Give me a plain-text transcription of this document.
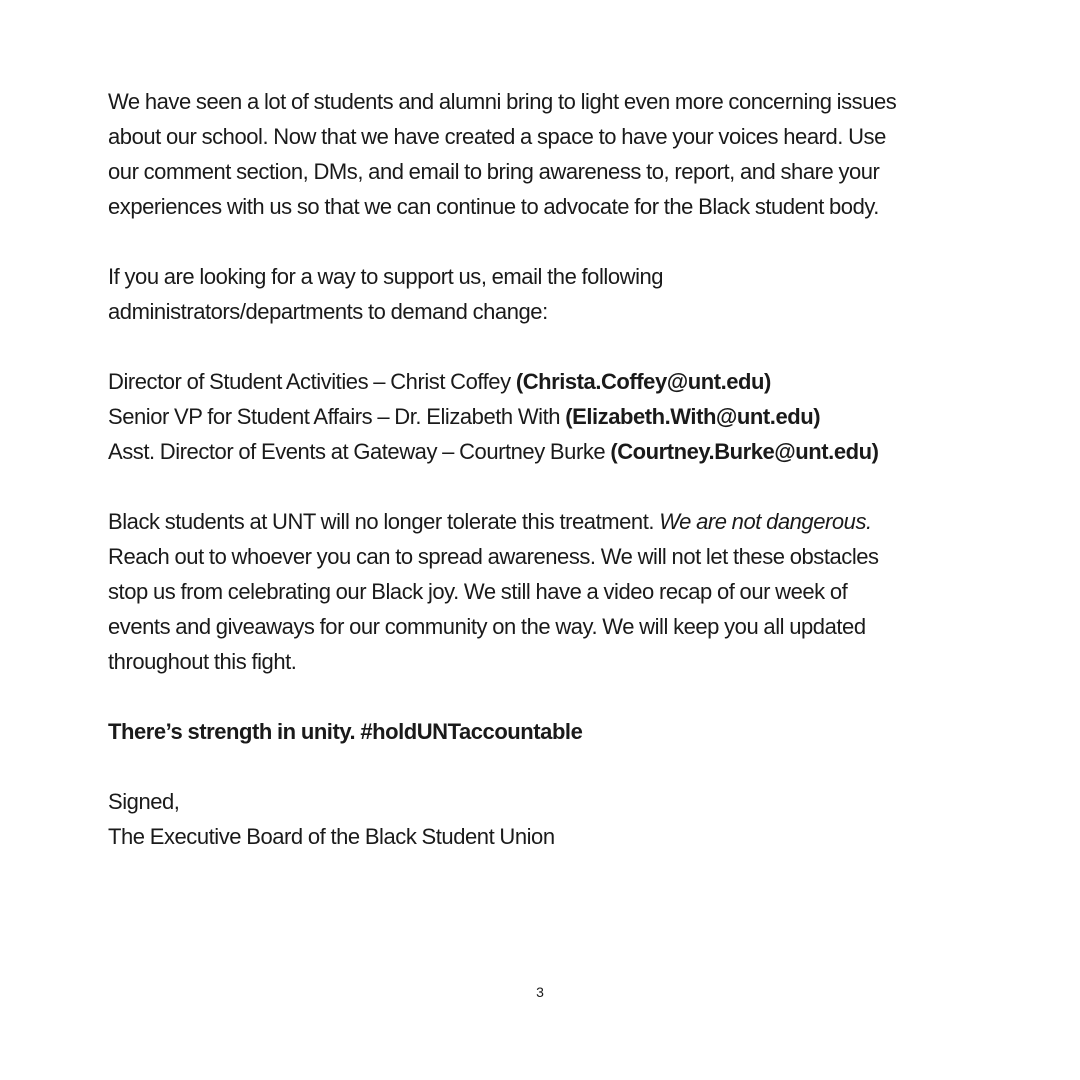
We have seen a lot of students and alumni bring to light even more concerning issues
about our school. Now that we have created a space to have your voices heard. Use
our comment section, DMs, and email to bring awareness to, report, and share your
experiences with us so that we can continue to advocate for the Black student body.

If you are looking for a way to support us, email the following
administrators/departments to demand change:

Director of Student Activities – Christ Coffey (Christa.Coffey@unt.edu)
Senior VP for Student Affairs – Dr. Elizabeth With (Elizabeth.With@unt.edu)
Asst. Director of Events at Gateway – Courtney Burke (Courtney.Burke@unt.edu)

Black students at UNT will no longer tolerate this treatment. We are not dangerous.
Reach out to whoever you can to spread awareness. We will not let these obstacles
stop us from celebrating our Black joy. We still have a video recap of our week of
events and giveaways for our community on the way. We will keep you all updated
throughout this fight.

There’s strength in unity. #holdUNTaccountable

Signed,
The Executive Board of the Black Student Union

3
